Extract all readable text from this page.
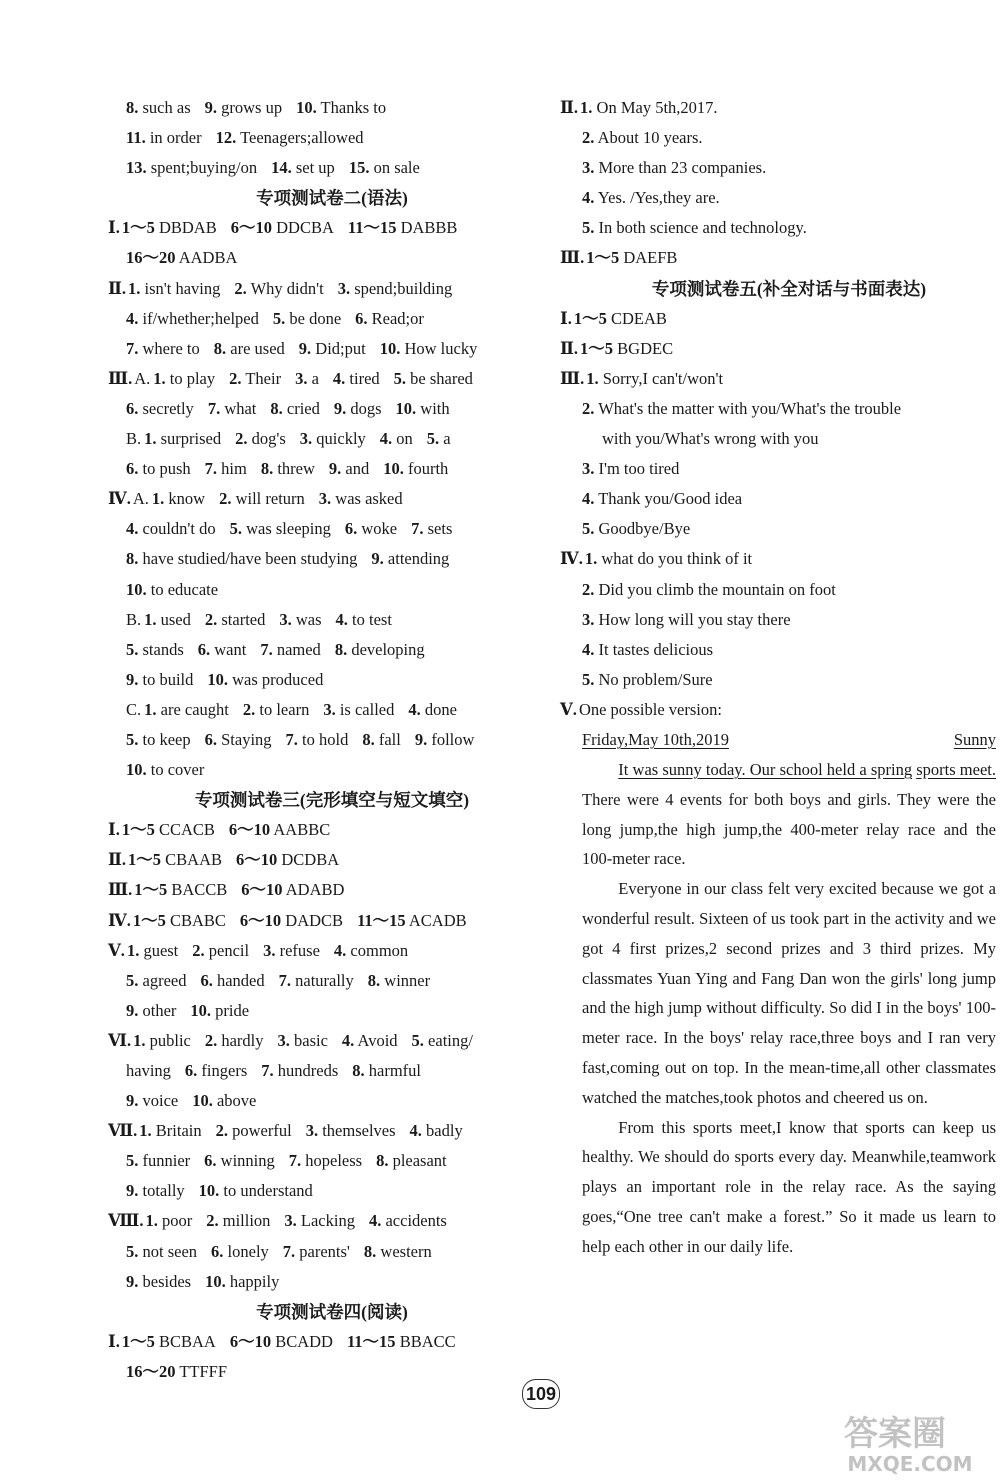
8. such as 9. grows up 10. Thanks to
11. in order 12. Teenagers;allowed
13. spent;buying/on 14. set up 15. on sale
专项测试卷二(语法)
Ⅰ. 1～5 DBDAB 6～10 DDCBA 11～15 DABBB
16～20 AADBA
Ⅱ. 1. isn't having 2. Why didn't 3. spend;building
4. if/whether;helped 5. be done 6. Read;or
7. where to 8. are used 9. Did;put 10. How lucky
Ⅲ. A. 1. to play 2. Their 3. a 4. tired 5. be shared
6. secretly 7. what 8. cried 9. dogs 10. with
B. 1. surprised 2. dog's 3. quickly 4. on 5. a
6. to push 7. him 8. threw 9. and 10. fourth
Ⅳ. A. 1. know 2. will return 3. was asked
4. couldn't do 5. was sleeping 6. woke 7. sets
8. have studied/have been studying 9. attending
10. to educate
B. 1. used 2. started 3. was 4. to test
5. stands 6. want 7. named 8. developing
9. to build 10. was produced
C. 1. are caught 2. to learn 3. is called 4. done
5. to keep 6. Staying 7. to hold 8. fall 9. follow
10. to cover
专项测试卷三(完形填空与短文填空)
Ⅰ. 1～5 CCACB 6～10 AABBC
Ⅱ. 1～5 CBAAB 6～10 DCDBA
Ⅲ. 1～5 BACCB 6～10 ADABD
Ⅳ. 1～5 CBABC 6～10 DADCB 11～15 ACADB
Ⅴ. 1. guest 2. pencil 3. refuse 4. common
5. agreed 6. handed 7. naturally 8. winner
9. other 10. pride
Ⅵ. 1. public 2. hardly 3. basic 4. Avoid 5. eating/
having 6. fingers 7. hundreds 8. harmful
9. voice 10. above
Ⅶ. 1. Britain 2. powerful 3. themselves 4. badly
5. funnier 6. winning 7. hopeless 8. pleasant
9. totally 10. to understand
Ⅷ. 1. poor 2. million 3. Lacking 4. accidents
5. not seen 6. lonely 7. parents' 8. western
9. besides 10. happily
专项测试卷四(阅读)
Ⅰ. 1～5 BCBAA 6～10 BCADD 11～15 BBACC
16～20 TTFFF
Ⅱ. 1. On May 5th,2017.
2. About 10 years.
3. More than 23 companies.
4. Yes. /Yes,they are.
5. In both science and technology.
Ⅲ. 1～5 DAEFB
专项测试卷五(补全对话与书面表达)
Ⅰ. 1～5 CDEAB
Ⅱ. 1～5 BGDEC
Ⅲ. 1. Sorry,I can't/won't
2. What's the matter with you/What's the trouble
with you/What's wrong with you
3. I'm too tired
4. Thank you/Good idea
5. Goodbye/Bye
Ⅳ. 1. what do you think of it
2. Did you climb the mountain on foot
3. How long will you stay there
4. It tastes delicious
5. No problem/Sure
Ⅴ. One possible version:
Friday,May 10th,2019	Sunny

It was sunny today. Our school held a spring sports meet. There were 4 events for both boys and girls. They were the long jump,the high jump,the 400-meter relay race and the 100-meter race.

Everyone in our class felt very excited because we got a wonderful result. Sixteen of us took part in the activity and we got 4 first prizes,2 second prizes and 3 third prizes. My classmates Yuan Ying and Fang Dan won the girls' long jump and the high jump without difficulty. So did I in the boys' 100-meter race. In the boys' relay race,three boys and I ran very fast,coming out on top. In the mean-time,all other classmates watched the matches,took photos and cheered us on.

From this sports meet,I know that sports can keep us healthy. We should do sports every day. Meanwhile,teamwork plays an important role in the relay race. As the saying goes,“One tree can't make a forest.” So it made us learn to help each other in our daily life.

109
答案圈
MXQE.COM
